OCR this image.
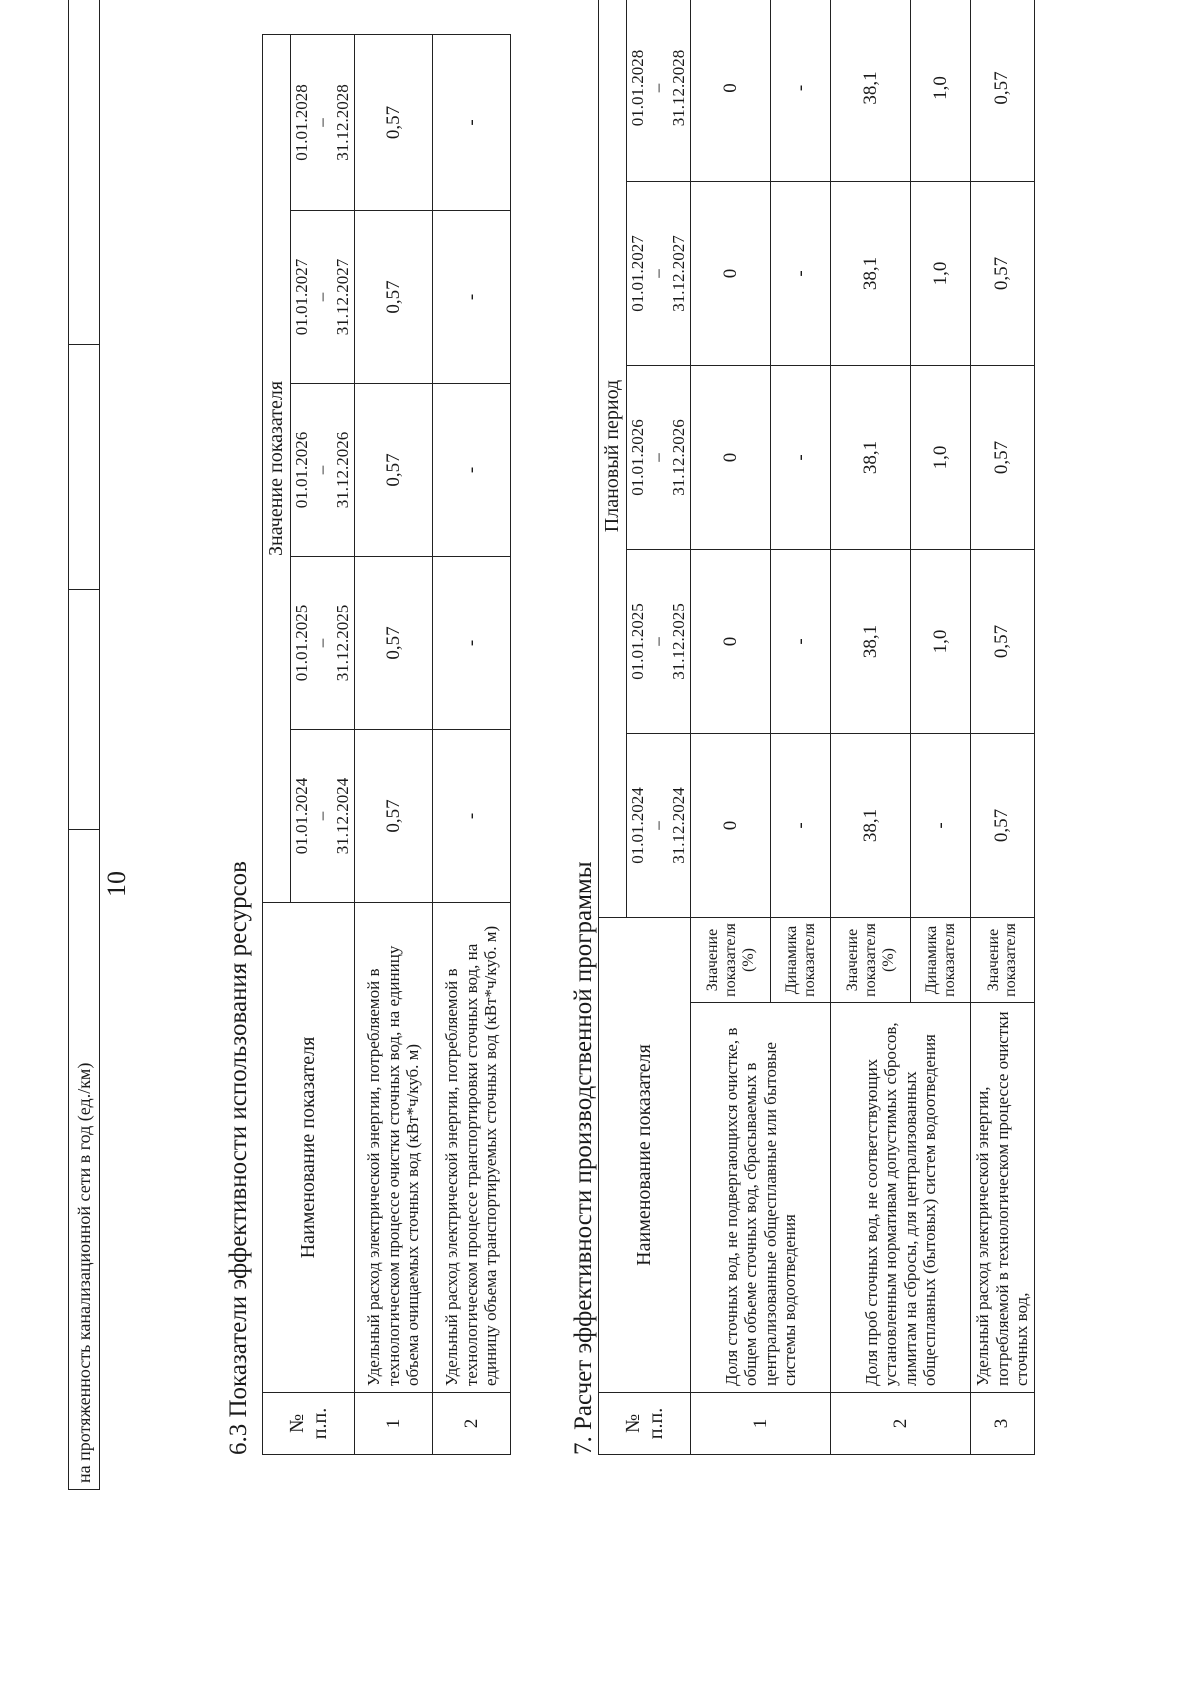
10
на протяженность канализационной сети в год (ед./км)				6.3 Показатели эффективности использования ресурсов № п.п.	Наименование показателя	Значение показателя				
		01.01.2024
–
31.12.2024	01.01.2025
–
31.12.2025	01.01.2026
–
31.12.2026	01.01.2027
–
31.12.2027	01.01.2028
–
31.12.2028
1	Удельный расход электрической энергии, потребляемой в технологическом процессе очистки сточных вод, на единицу объема очищаемых сточных вод (кВт*ч/куб. м)	0,57	0,57	0,57	0,57	0,57
2	Удельный расход электрической энергии, потребляемой в технологическом процессе транспортировки сточных вод, на единицу объема транспортируемых сточных вод (кВт*ч/куб. м)	-	-	-	-	-
7. Расчет эффективности производственной программы № п.п.	Наименование показателя		Плановый период				
			01.01.2024
–
31.12.2024	01.01.2025
–
31.12.2025	01.01.2026
–
31.12.2026	01.01.2027
–
31.12.2027	01.01.2028
–
31.12.2028
1	Доля сточных вод, не подвергающихся очистке, в общем объеме сточных вод, сбрасываемых в централизованные общесплавные или бытовые системы водоотведения	Значение показателя (%)	0	0	0	0	0
		Динамика показателя	-	-	-	-	-
2	Доля проб сточных вод, не соответствующих установленным нормативам допустимых сбросов, лимитам на сбросы, для централизованных общесплавных (бытовых) систем водоотведения	Значение показателя (%)	38,1	38,1	38,1	38,1	38,1
		Динамика показателя	-	1,0	1,0	1,0	1,0
3	Удельный расход электрической энергии, потребляемой в технологическом процессе очистки сточных вод,	Значение показателя	0,57	0,57	0,57	0,57	0,57
